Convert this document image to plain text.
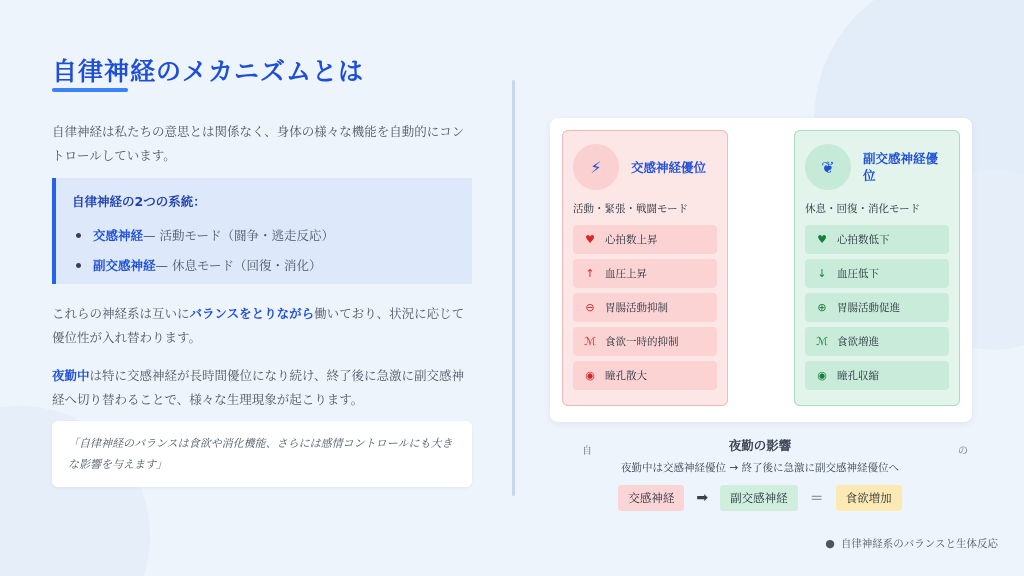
自律神経のメカニズムとは

自律神経は私たちの意思とは関係なく、身体の様々な機能を自動的にコントロールしています。

自律神経の2つの系統：
交感神経 — 活動モード（闘争・逃走反応）
副交感神経 — 休息モード（回復・消化）

これらの神経系は互いにバランスをとりながら働いており、状況に応じて優位性が入れ替わります。

夜勤中は特に交感神経が長時間優位になり続け、終了後に急激に副交感神経へ切り替わることで、様々な生理現象が起こります。

「自律神経のバランスは食欲や消化機能、さらには感情コントロールにも大きな影響を与えます」
⚡	交感神経優位
活動・緊張・戦闘モード
♥ 心拍数上昇
↑ 血圧上昇
⊖ 胃腸活動抑制
ℳ 食欲一時的抑制
◉ 瞳孔散大
❦	副交感神経優位
休息・回復・消化モード
♥ 心拍数低下
↓ 血圧低下
⊕ 胃腸活動促進
ℳ 食欲増進
◉ 瞳孔収縮
自	の
夜勤の影響
夜勤中は交感神経優位 → 終了後に急激に副交感神経優位へ
交感神経	➡	副交感神経	＝	食欲増加
● 自律神経系のバランスと生体反応
